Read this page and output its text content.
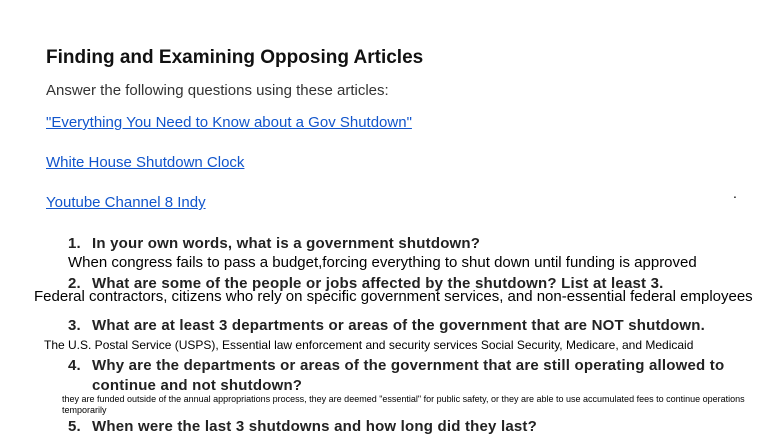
Finding and Examining Opposing Articles
Answer the following questions using these articles:
"Everything You Need to Know about a Gov Shutdown"
White House Shutdown Clock
Youtube Channel 8 Indy
.
1. In your own words, what is a government shutdown?
When congress fails to pass a budget,forcing everything to shut down until funding is approved
2. What are some of the people or jobs affected by the shutdown? List at least 3.
Federal contractors, citizens who rely on specific government services, and non-essential federal employees
3. What are at least 3 departments or areas of the government that are NOT shutdown.
The U.S. Postal Service (USPS), Essential law enforcement and security services Social Security, Medicare, and Medicaid
4. Why are the departments or areas of the government that are still operating allowed to
continue and not shutdown?
they are funded outside of the annual appropriations process, they are deemed "essential" for public safety, or they are able to use accumulated fees to continue operations temporarily
5. When were the last 3 shutdowns and how long did they last?
